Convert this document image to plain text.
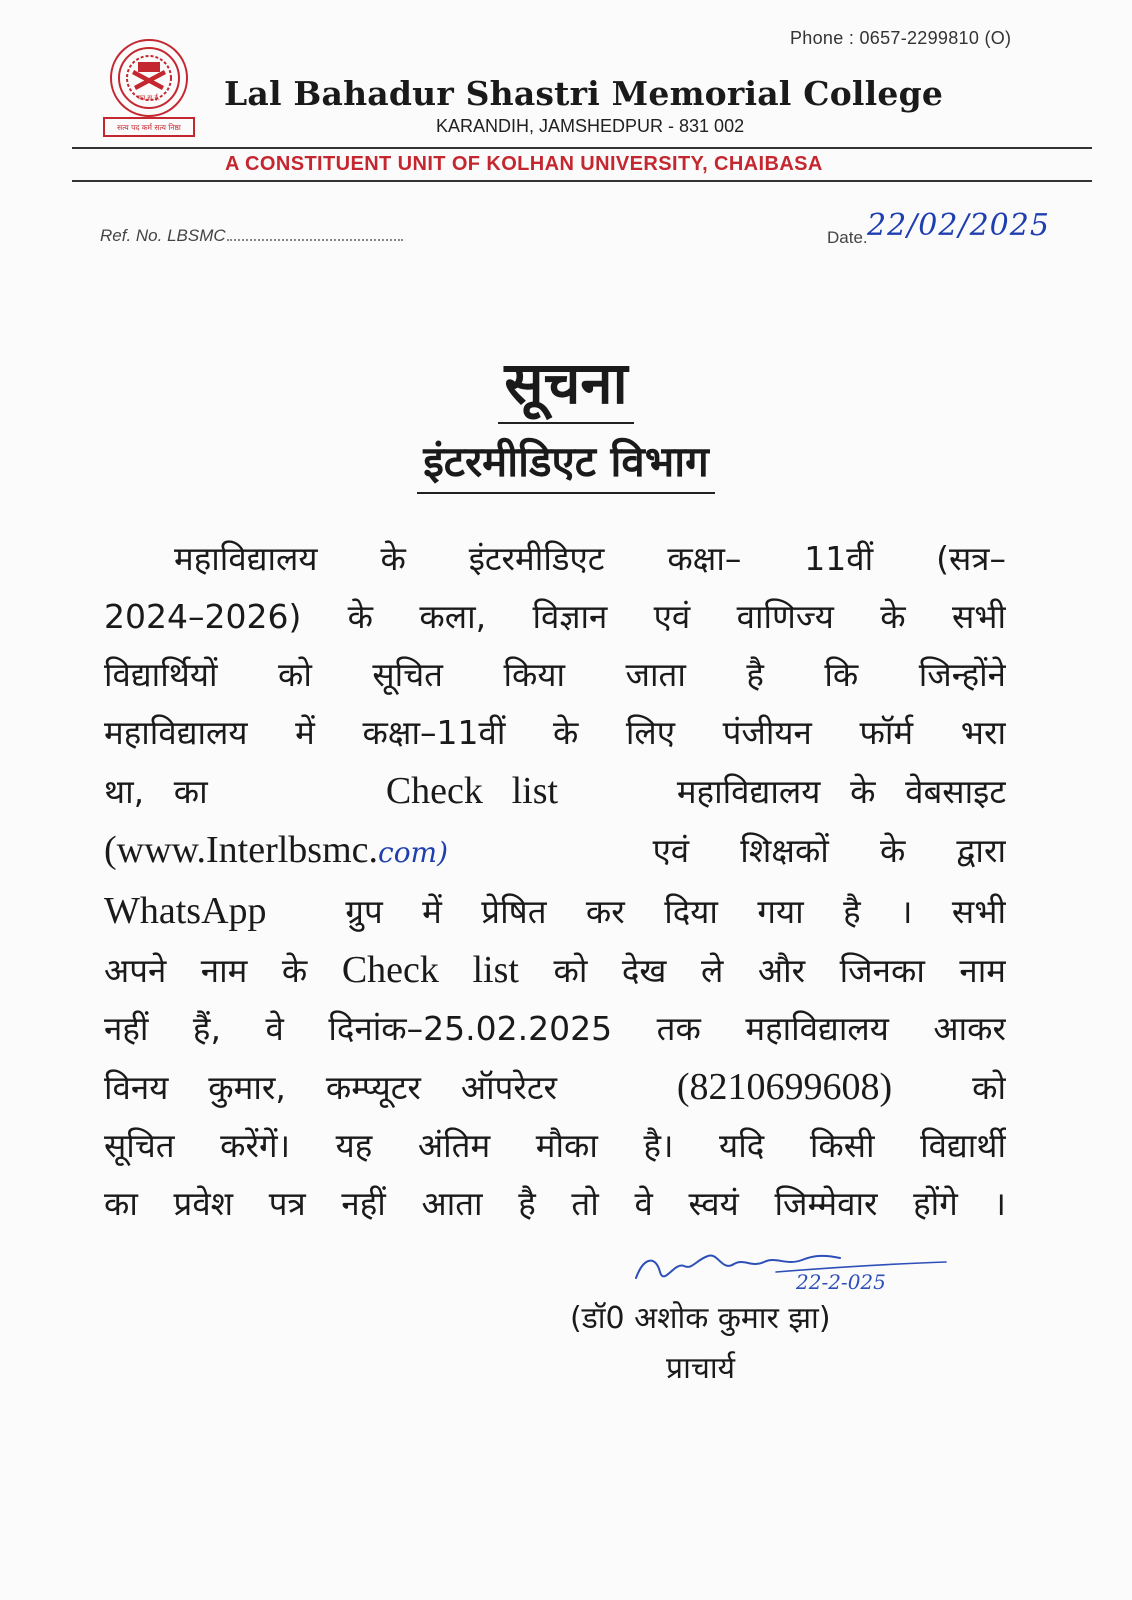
Phone : 0657-2299810 (O)
का.स.ई.
सत्य पद कर्म सत्य निष्ठा
Lal Bahadur Shastri Memorial College
KARANDIH, JAMSHEDPUR - 831 002
A CONSTITUENT UNIT OF KOLHAN UNIVERSITY, CHAIBASA
Ref. No. LBSMC	Date. 22/02/2025
सूचना
इंटरमीडिएट विभाग
महाविद्यालय के इंटरमीडिएट कक्षा– 11वीं (सत्र–
2024–2026) के कला, विज्ञान एवं वाणिज्य के सभी
विद्यार्थियों को सूचित किया जाता है कि जिन्होंने
महाविद्यालय में कक्षा–11वीं के लिए पंजीयन फॉर्म भरा
था, का	Check list	महाविद्यालय के वेबसाइट
(www.Interlbsmc.com)	एवं शिक्षकों के द्वारा
WhatsApp ग्रुप में प्रेषित कर दिया गया है । सभी
अपने नाम के Check list को देख ले और जिनका नाम
नहीं हैं, वे दिनांक–25.02.2025 तक महाविद्यालय आकर
विनय कुमार, कम्प्यूटर ऑपरेटर	(8210699608) को
सूचित करेंगें। यह अंतिम मौका है। यदि किसी विद्यार्थी
का प्रवेश पत्र नहीं आता है तो वे स्वयं जिम्मेवार होंगे ।
22-2-025
(डॉ0 अशोक कुमार झा)
प्राचार्य
